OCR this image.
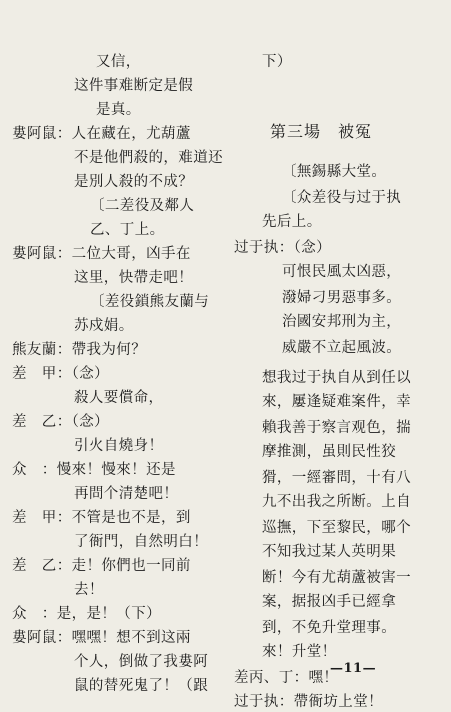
又信，
这件事难断定是假
是真。
婁阿鼠：人在藏在，尤葫蘆
不是他們殺的，难道还
是別人殺的不成？
〔二差役及鄰人
乙、丁上。
婁阿鼠：二位大哥，凶手在
这里，快帶走吧！
〔差役鎖熊友蘭与
苏戍娟。
熊友蘭：帶我为何？
差　甲：（念）
殺人要償命，
差　乙：（念）
引火自燒身！
众　：慢來！慢來！还是
再問个清楚吧！
差　甲：不管是也不是，到
了衙門，自然明白！
差　乙：走！你們也一同前
去！
众　：是，是！（下）
婁阿鼠：嘿嘿！想不到这兩
个人，倒做了我婁阿
鼠的替死鬼了！（跟
下）
第三場　被冤
〔無錫縣大堂。
〔众差役与过于执
先后上。
过于执：（念）
可恨民風太凶惡，
潑婦刁男惡事多。
治國安邦刑为主，
威嚴不立起風波。
想我过于执自从到任以
來，屢逢疑难案件，幸
賴我善于察言观色，揣
摩推測，虽則民性狡
猾，一經審問，十有八
九不出我之所断。上自
巡撫，下至黎民，哪个
不知我过某人英明果
断！今有尤葫蘆被害一
案，据报凶手已經拿
到，不免升堂理事。
來！升堂！
差丙、丁：嘿！
过于执：帶衙坊上堂！
—11—
